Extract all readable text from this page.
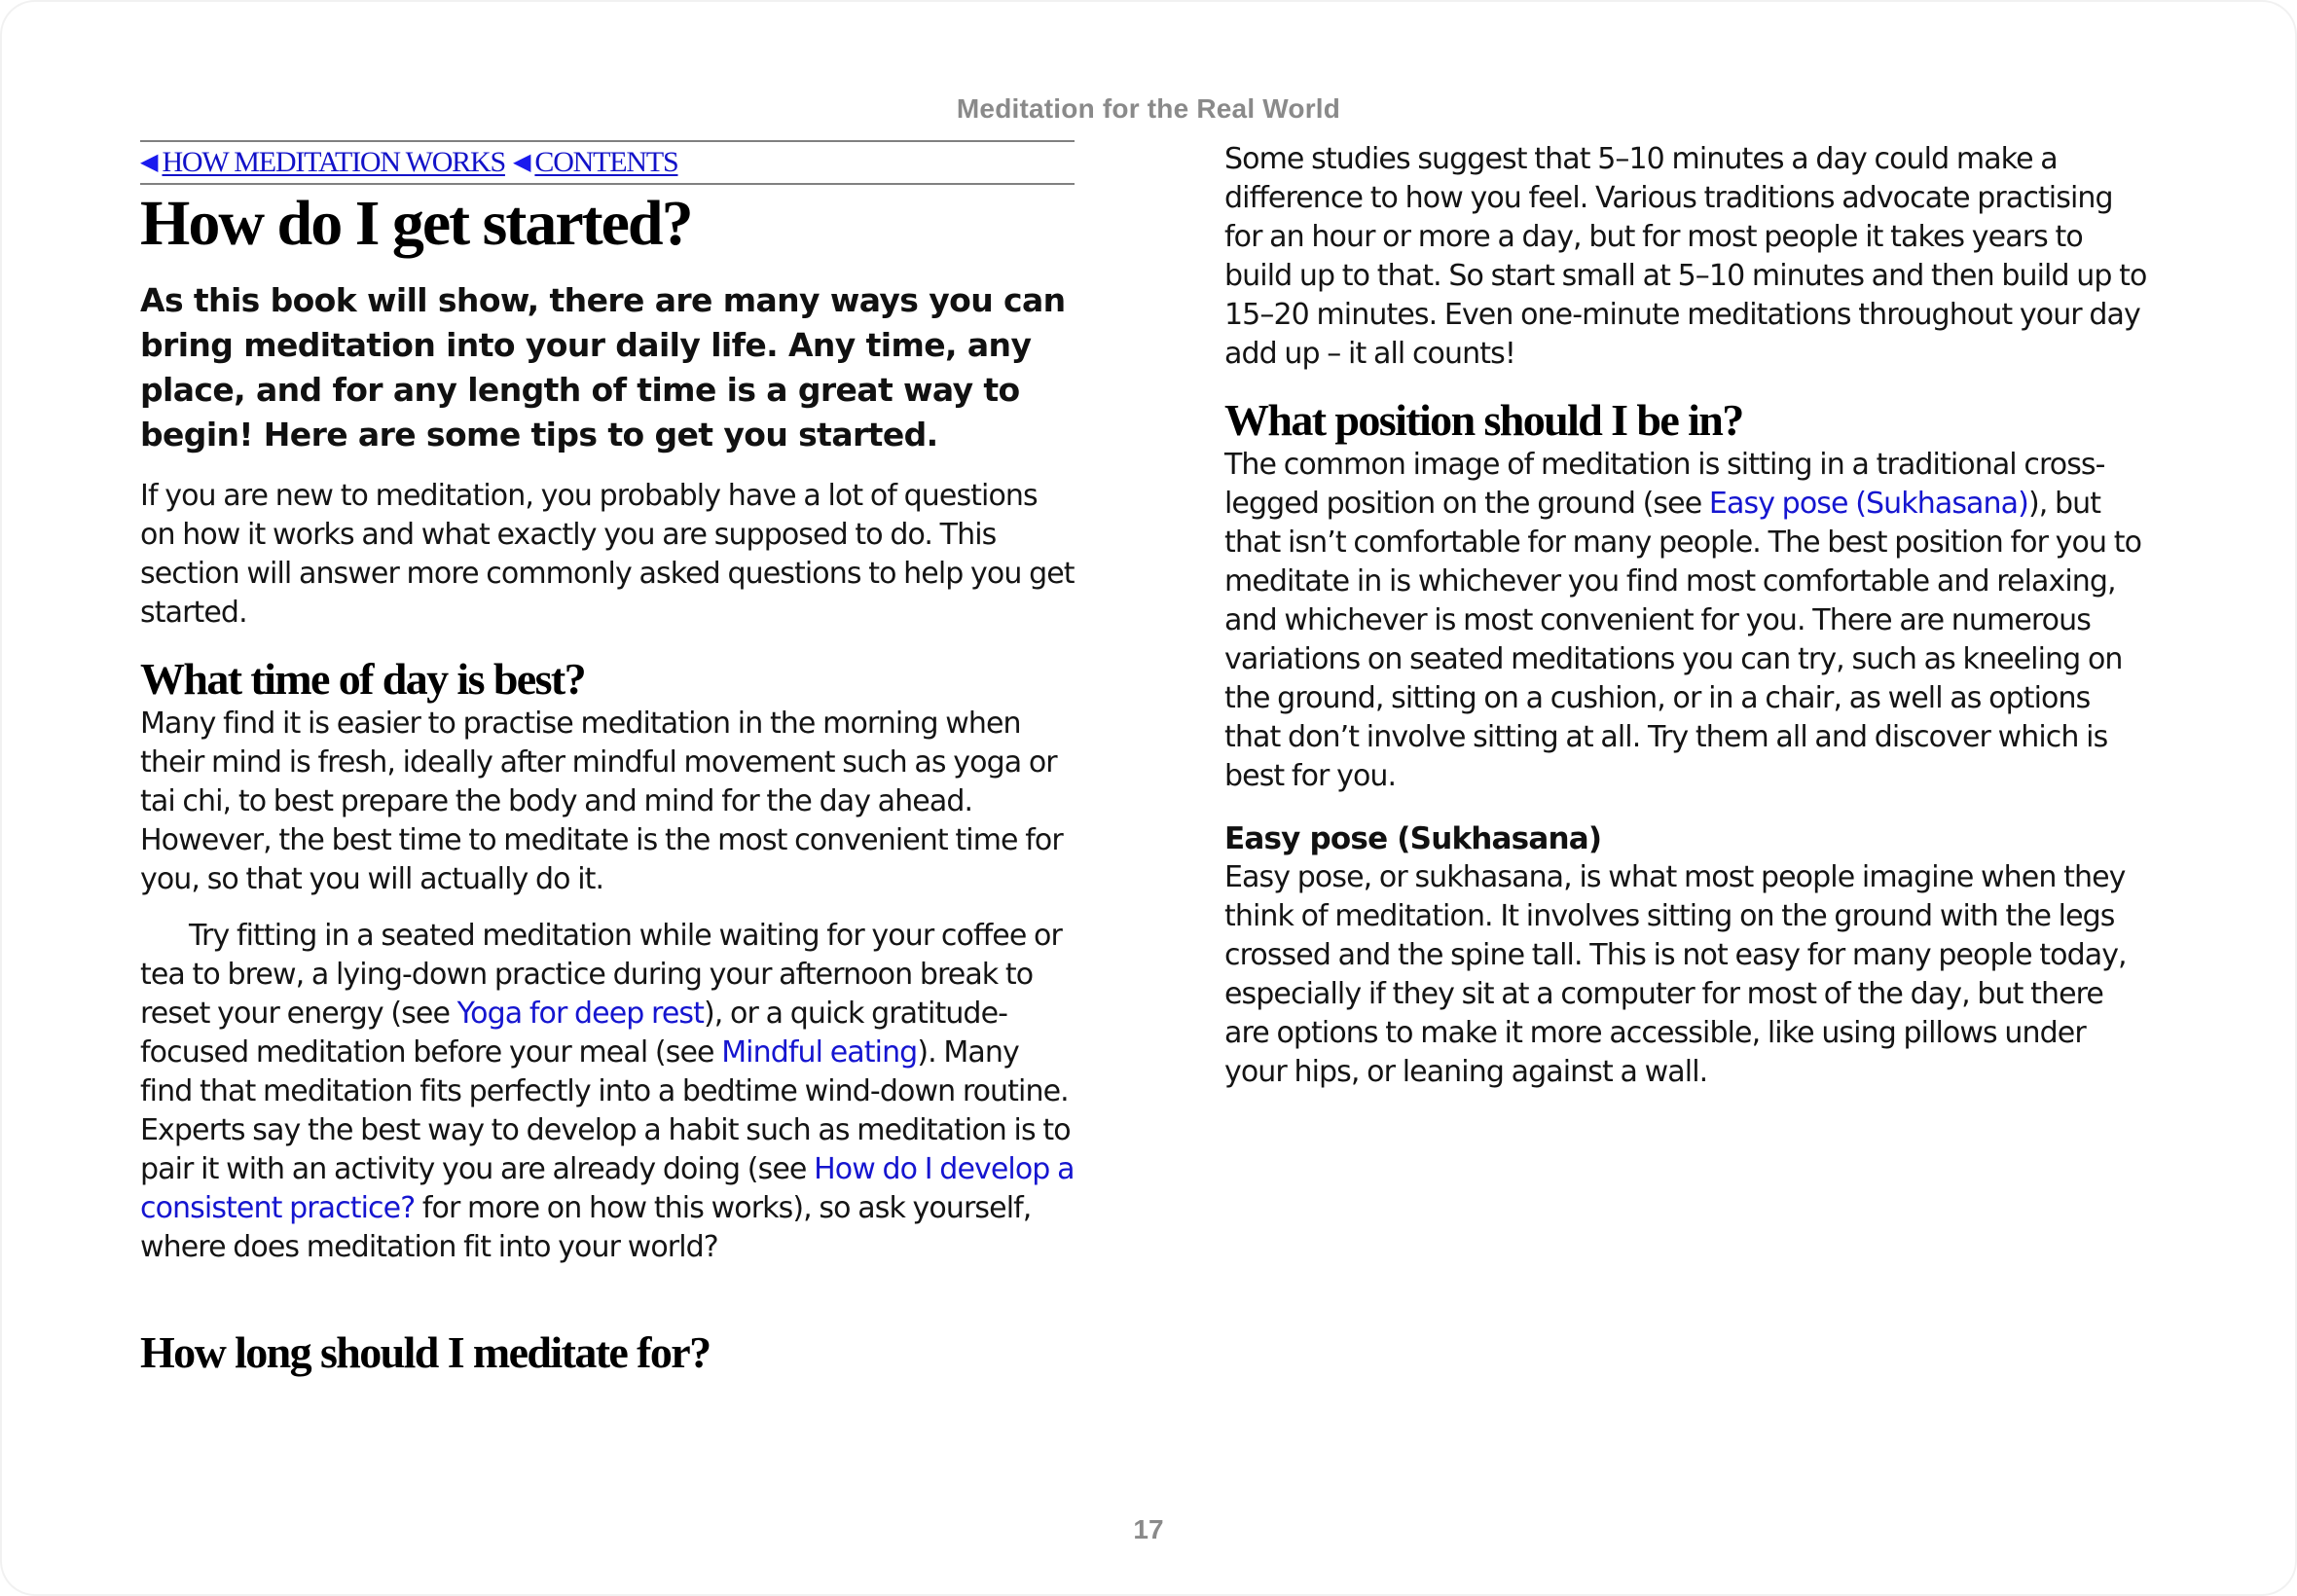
Meditation for the Real World
◀ HOW MEDITATION WORKS ◀ CONTENTS
How do I get started?

As this book will show, there are many ways you can bring meditation into your daily life. Any time, any place, and for any length of time is a great way to begin! Here are some tips to get you started.

If you are new to meditation, you probably have a lot of questions on how it works and what exactly you are supposed to do. This section will answer more commonly asked questions to help you get started.

What time of day is best?

Many find it is easier to practise meditation in the morning when their mind is fresh, ideally after mindful movement such as yoga or tai chi, to best prepare the body and mind for the day ahead. However, the best time to meditate is the most convenient time for you, so that you will actually do it.

Try fitting in a seated meditation while waiting for your coffee or tea to brew, a lying-down practice during your afternoon break to reset your energy (see Yoga for deep rest), or a quick gratitude-focused meditation before your meal (see Mindful eating). Many find that meditation fits perfectly into a bedtime wind-down routine. Experts say the best way to develop a habit such as meditation is to pair it with an activity you are already doing (see How do I develop a consistent practice? for more on how this works), so ask yourself, where does meditation fit into your world?

How long should I meditate for?

Some studies suggest that 5–10 minutes a day could make a difference to how you feel. Various traditions advocate practising for an hour or more a day, but for most people it takes years to build up to that. So start small at 5–10 minutes and then build up to 15–20 minutes. Even one-minute meditations throughout your day add up – it all counts!

What position should I be in?

The common image of meditation is sitting in a traditional cross-legged position on the ground (see Easy pose (Sukhasana)), but that isn’t comfortable for many people. The best position for you to meditate in is whichever you find most comfortable and relaxing, and whichever is most convenient for you. There are numerous variations on seated meditations you can try, such as kneeling on the ground, sitting on a cushion, or in a chair, as well as options that don’t involve sitting at all. Try them all and discover which is best for you.

Easy pose (Sukhasana)

Easy pose, or sukhasana, is what most people imagine when they think of meditation. It involves sitting on the ground with the legs crossed and the spine tall. This is not easy for many people today, especially if they sit at a computer for most of the day, but there are options to make it more accessible, like using pillows under your hips, or leaning against a wall.

17
